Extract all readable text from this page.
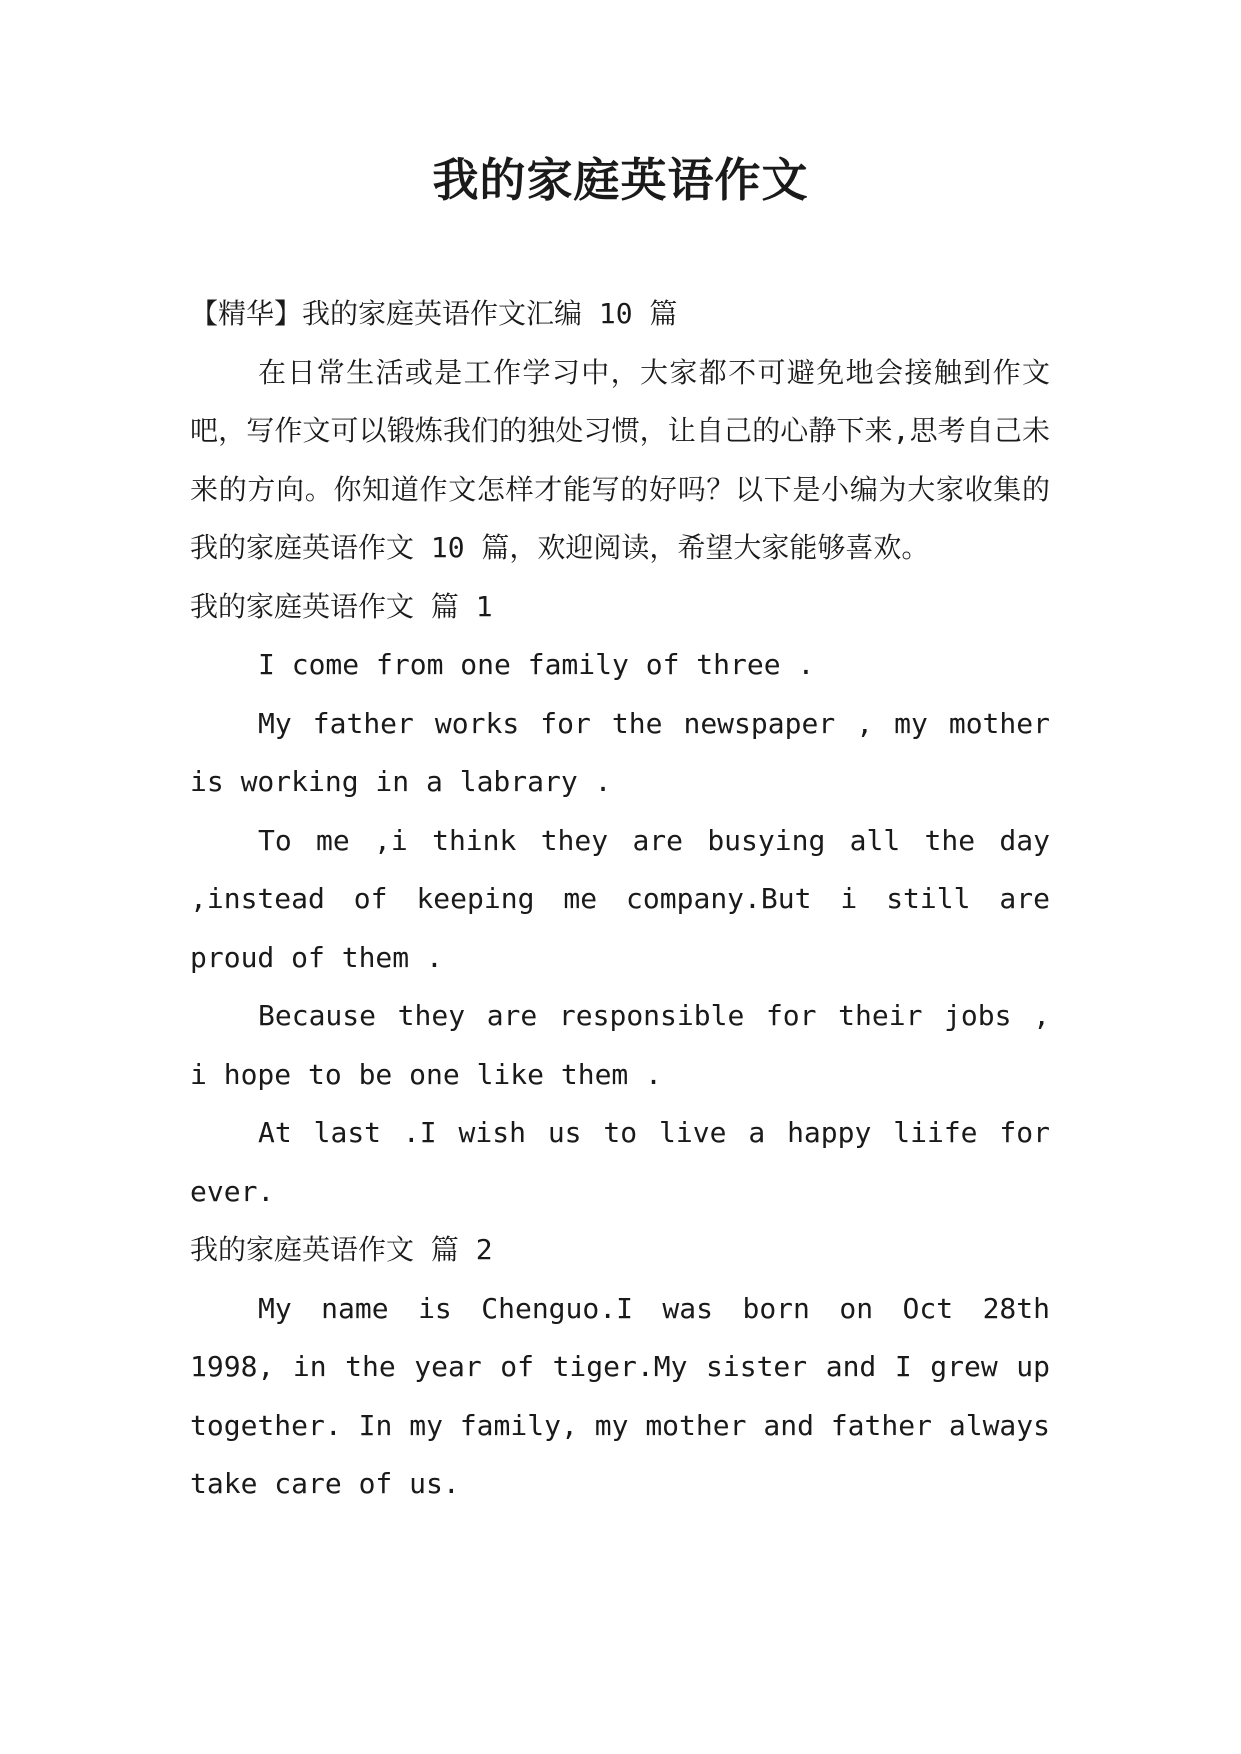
我的家庭英语作文

【精华】我的家庭英语作文汇编 10 篇

在日常生活或是工作学习中，大家都不可避免地会接触到作文吧，写作文可以锻炼我们的独处习惯，让自己的心静下来,思考自己未来的方向。你知道作文怎样才能写的好吗？以下是小编为大家收集的我的家庭英语作文 10 篇，欢迎阅读，希望大家能够喜欢。

我的家庭英语作文 篇 1

I come from one family of three .

My father works for the newspaper , my mother is working in a labrary .

To me ,i think they are busying all the day ,instead of keeping me company.But i still are proud of them .

Because they are responsible for their jobs , i hope to be one like them .

At last .I wish us to live a happy liife for ever.

我的家庭英语作文 篇 2

My name is Chenguo.I was born on Oct 28th 1998, in the year of tiger.My sister and I grew up together. In my family, my mother and father always take care of us.
